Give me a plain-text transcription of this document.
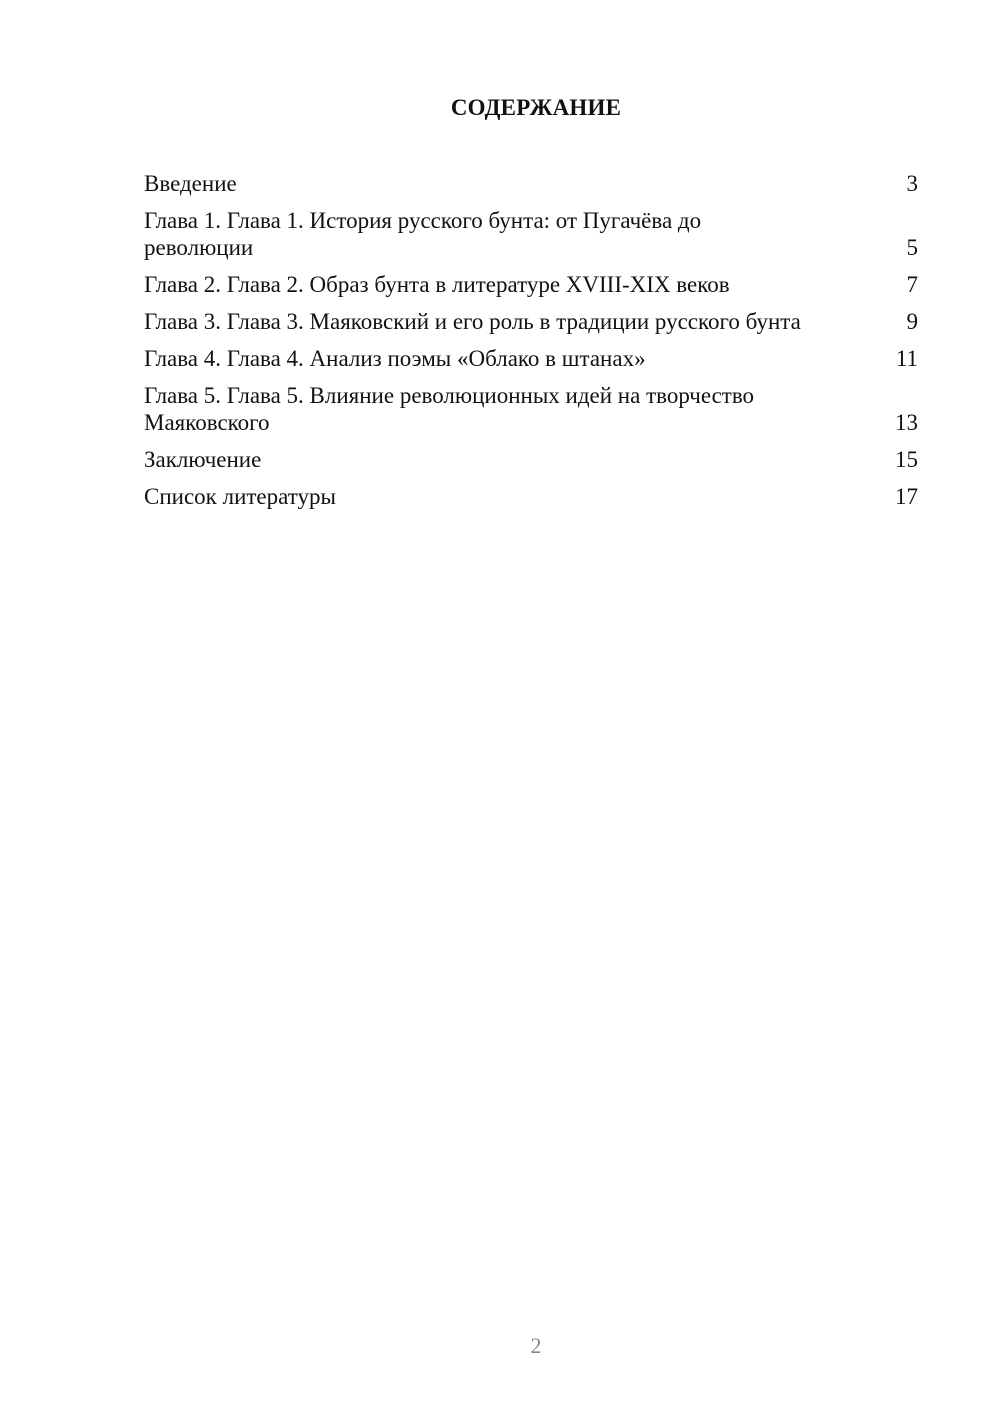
СОДЕРЖАНИЕ
Введение	3
Глава 1. Глава 1. История русского бунта: от Пугачёва до революции	5
Глава 2. Глава 2. Образ бунта в литературе XVIII-XIX веков	7
Глава 3. Глава 3. Маяковский и его роль в традиции русского бунта	9
Глава 4. Глава 4. Анализ поэмы «Облако в штанах»	11
Глава 5. Глава 5. Влияние революционных идей на творчество Маяковского	13
Заключение	15
Список литературы	17
2
